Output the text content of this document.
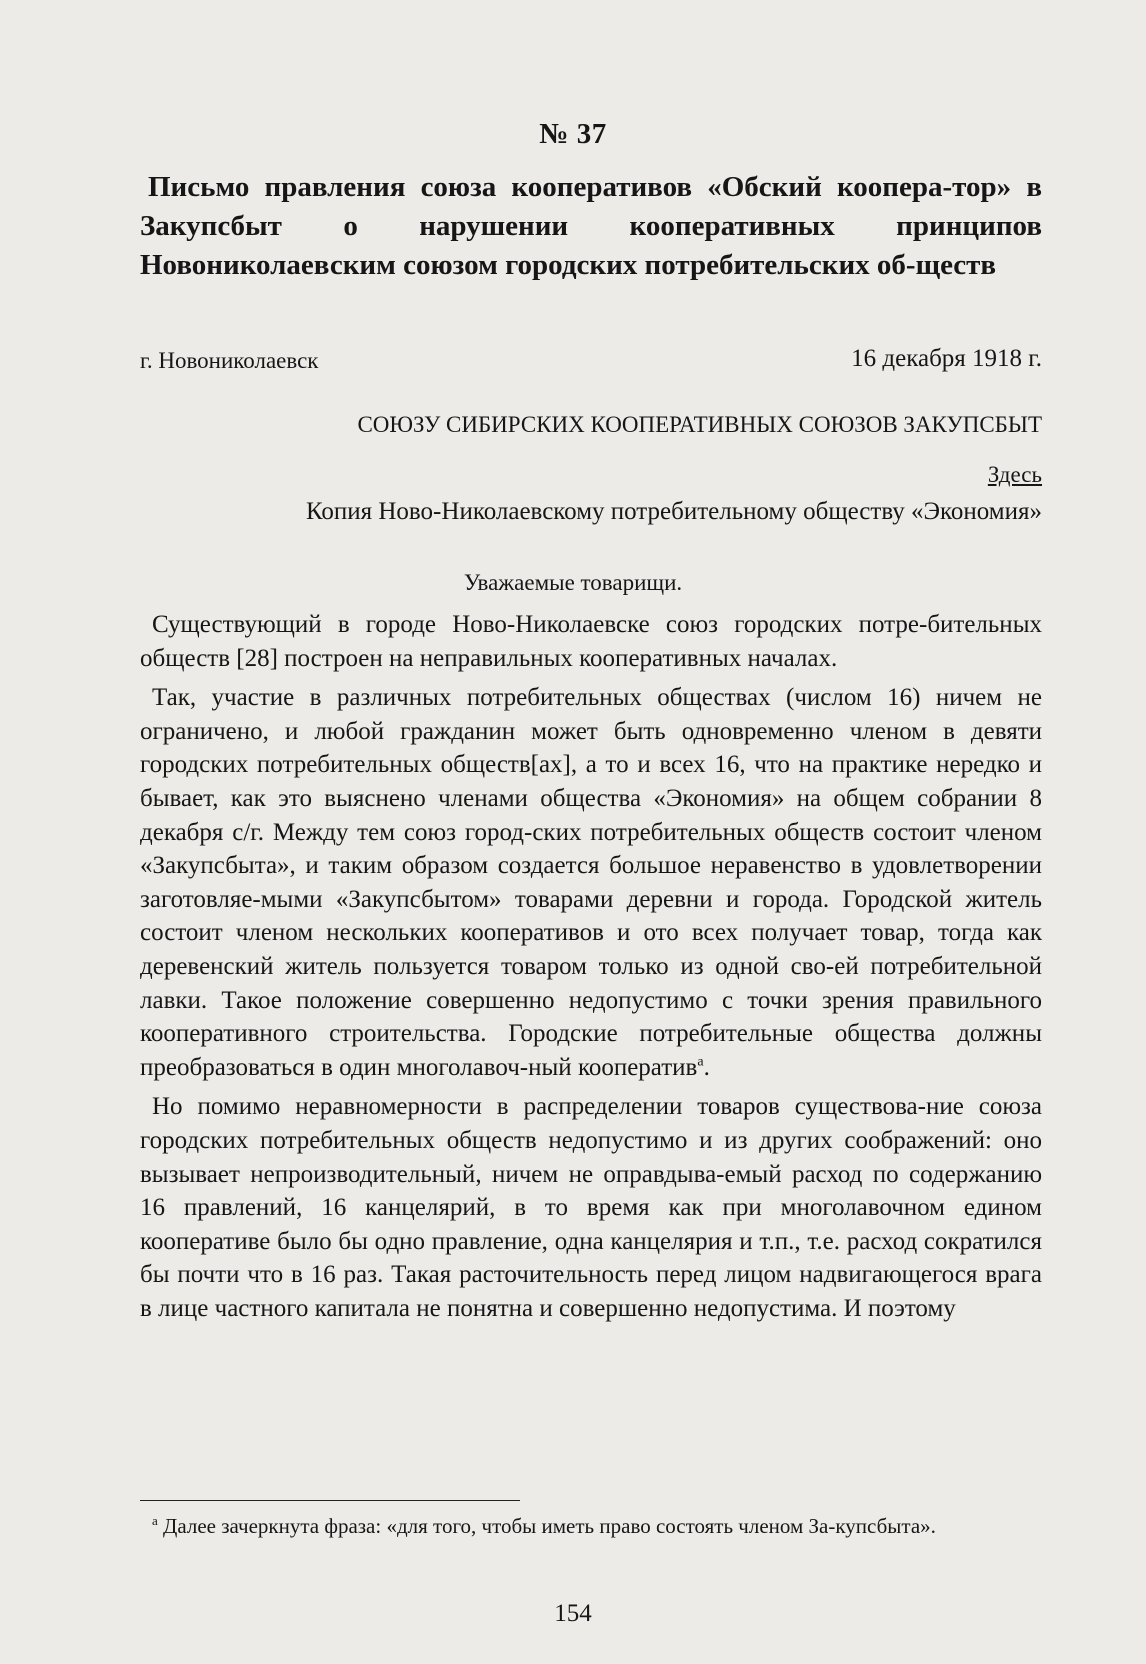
№ 37
Письмо правления союза кооперативов «Обский коопера-тор» в Закупсбыт о нарушении кооперативных принципов Новониколаевским союзом городских потребительских об-ществ
г. Новониколаевск	16 декабря 1918 г.
СОЮЗУ СИБИРСКИХ КООПЕРАТИВНЫХ СОЮЗОВ ЗАКУПСБЫТ
Здесь
Копия Ново-Николаевскому потребительному обществу «Экономия»
Уважаемые товарищи.

Существующий в городе Ново-Николаевске союз городских потре-бительных обществ [28] построен на неправильных кооперативных началах.

Так, участие в различных потребительных обществах (числом 16) ничем не ограничено, и любой гражданин может быть одновременно членом в девяти городских потребительных обществ[ах], а то и всех 16, что на практике нередко и бывает, как это выяснено членами общества «Экономия» на общем собрании 8 декабря с/г. Между тем союз город-ских потребительных обществ состоит членом «Закупсбыта», и таким образом создается большое неравенство в удовлетворении заготовляе-мыми «Закупсбытом» товарами деревни и города. Городской житель состоит членом нескольких кооперативов и ото всех получает товар, тогда как деревенский житель пользуется товаром только из одной сво-ей потребительной лавки. Такое положение совершенно недопустимо с точки зрения правильного кооперативного строительства. Городские потребительные общества должны преобразоваться в один многолавоч-ный кооператив$^а$.

Но помимо неравномерности в распределении товаров существова-ние союза городских потребительных обществ недопустимо и из других соображений: оно вызывает непроизводительный, ничем не оправдыва-емый расход по содержанию 16 правлений, 16 канцелярий, в то время как при многолавочном едином кооперативе было бы одно правление, одна канцелярия и т.п., т.е. расход сократился бы почти что в 16 раз. Такая расточительность перед лицом надвигающегося врага в лице частного капитала не понятна и совершенно недопустима. И поэтому

$^а$ Далее зачеркнута фраза: «для того, чтобы иметь право состоять членом За-купсбыта».
154
